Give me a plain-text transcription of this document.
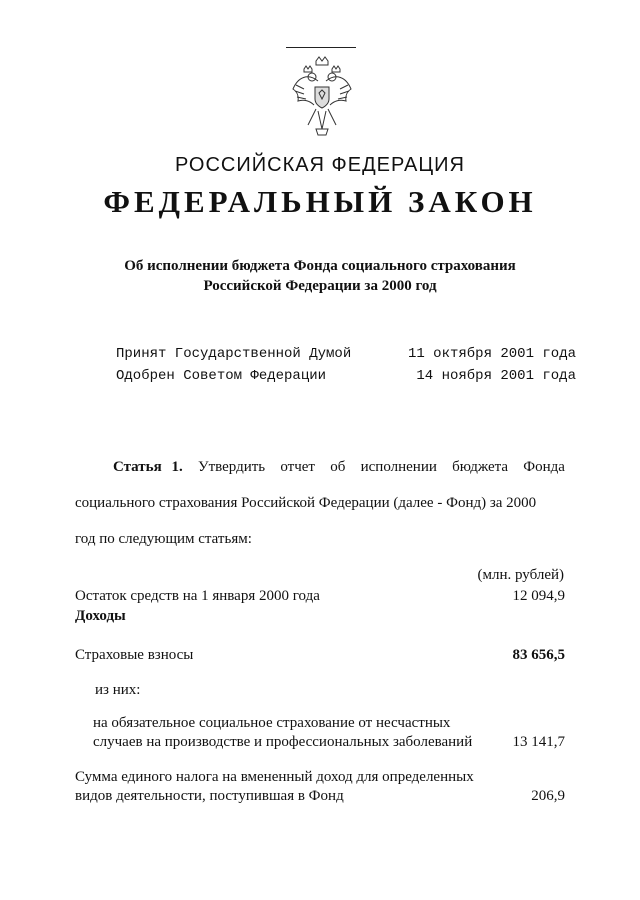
РОССИЙСКАЯ ФЕДЕРАЦИЯ
ФЕДЕРАЛЬНЫЙ ЗАКОН
Об исполнении бюджета Фонда социального страхования
Российской Федерации за 2000 год
Принят Государственной Думой	11 октября 2001 года
Одобрен Советом Федерации	14 ноября 2001 года
Статья 1. Утвердить отчет об исполнении бюджета Фонда
социального страхования Российской Федерации (далее - Фонд) за 2000
год по следующим статьям:
(млн. рублей)
Остаток средств на 1 января 2000 года	12 094,9
Доходы
Страховые взносы	83 656,5
из них:
на обязательное социальное страхование от несчастных
случаев на производстве и профессиональных заболеваний	13 141,7
Сумма единого налога на вмененный доход для определенных
видов деятельности, поступившая в Фонд	206,9
